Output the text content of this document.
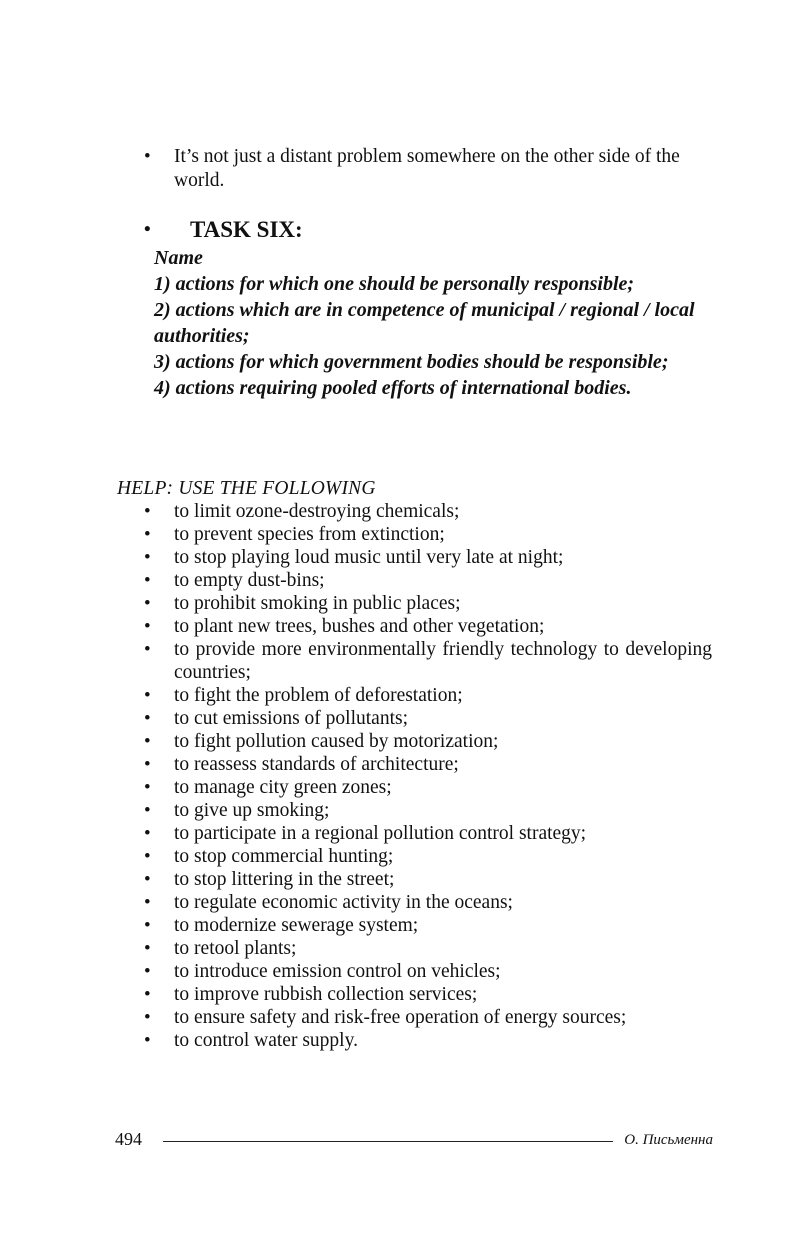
• It’s not just a distant problem somewhere on the other side of the world.
• TASK SIX:
Name
1) actions for which one should be personally responsible;
2) actions which are in competence of municipal / regional / local authorities;
3) actions for which government bodies should be responsible;
4) actions requiring pooled efforts of international bodies.
HELP: USE THE FOLLOWING
• to limit ozone-destroying chemicals;
• to prevent species from extinction;
• to stop playing loud music until very late at night;
• to empty dust-bins;
• to prohibit smoking in public places;
• to plant new trees, bushes and other vegetation;
• to provide more environmentally friendly technology to developing countries;
• to fight the problem of deforestation;
• to cut emissions of pollutants;
• to fight pollution caused by motorization;
• to reassess standards of architecture;
• to manage city green zones;
• to give up smoking;
• to participate in a regional pollution control strategy;
• to stop commercial hunting;
• to stop littering in the street;
• to regulate economic activity in the oceans;
• to modernize sewerage system;
• to retool plants;
• to introduce emission control on vehicles;
• to improve rubbish collection services;
• to ensure safety and risk-free operation of energy sources;
• to control water supply.
494	О. Письменна
